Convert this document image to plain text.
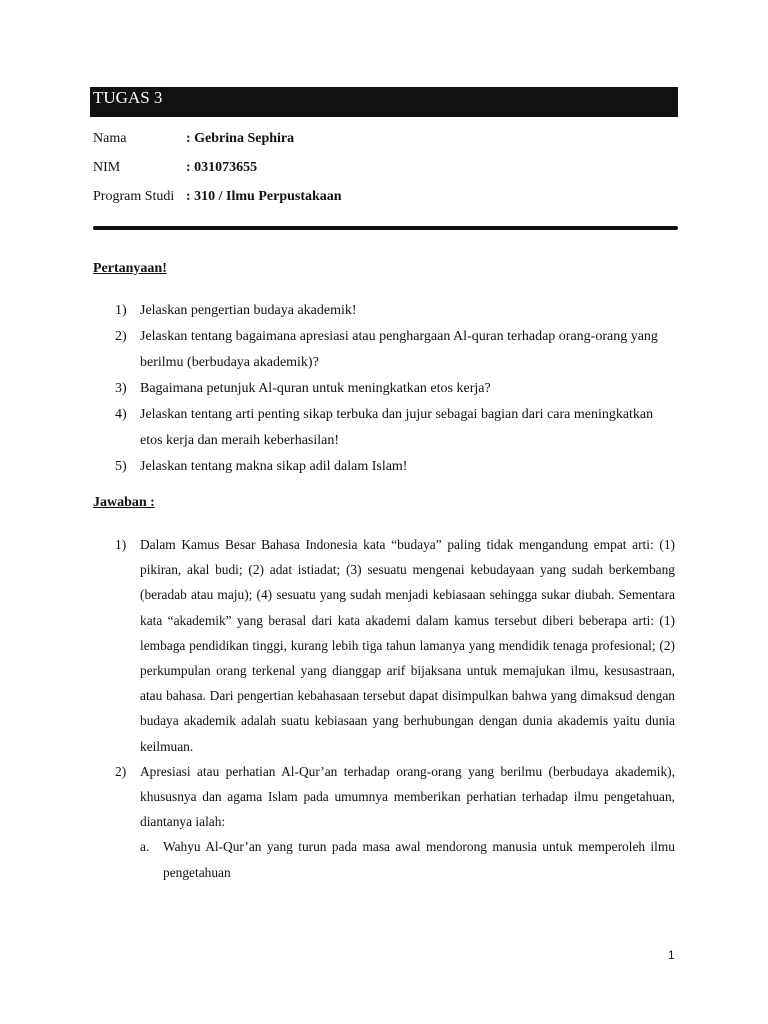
TUGAS 3
Nama	: Gebrina Sephira
NIM	: 031073655
Program Studi : 310 / Ilmu Perpustakaan
Pertanyaan!
1) Jelaskan pengertian budaya akademik!
2) Jelaskan tentang bagaimana apresiasi atau penghargaan Al-quran terhadap orang-orang yang berilmu (berbudaya akademik)?
3) Bagaimana petunjuk Al-quran untuk meningkatkan etos kerja?
4) Jelaskan tentang arti penting sikap terbuka dan jujur sebagai bagian dari cara meningkatkan etos kerja dan meraih keberhasilan!
5) Jelaskan tentang makna sikap adil dalam Islam!
Jawaban :
1) Dalam Kamus Besar Bahasa Indonesia kata “budaya” paling tidak mengandung empat arti: (1) pikiran, akal budi; (2) adat istiadat; (3) sesuatu mengenai kebudayaan yang sudah berkembang (beradab atau maju); (4) sesuatu yang sudah menjadi kebiasaan sehingga sukar diubah. Sementara kata “akademik” yang berasal dari kata akademi dalam kamus tersebut diberi beberapa arti: (1) lembaga pendidikan tinggi, kurang lebih tiga tahun lamanya yang mendidik tenaga profesional; (2) perkumpulan orang terkenal yang dianggap arif bijaksana untuk memajukan ilmu, kesusastraan, atau bahasa. Dari pengertian kebahasaan tersebut dapat disimpulkan bahwa yang dimaksud dengan budaya akademik adalah suatu kebiasaan yang berhubungan dengan dunia akademis yaitu dunia keilmuan.
2) Apresiasi atau perhatian Al-Qur’an terhadap orang-orang yang berilmu (berbudaya akademik), khususnya dan agama Islam pada umumnya memberikan perhatian terhadap ilmu pengetahuan, diantanya ialah:
a. Wahyu Al-Qur’an yang turun pada masa awal mendorong manusia untuk memperoleh ilmu pengetahuan
1
